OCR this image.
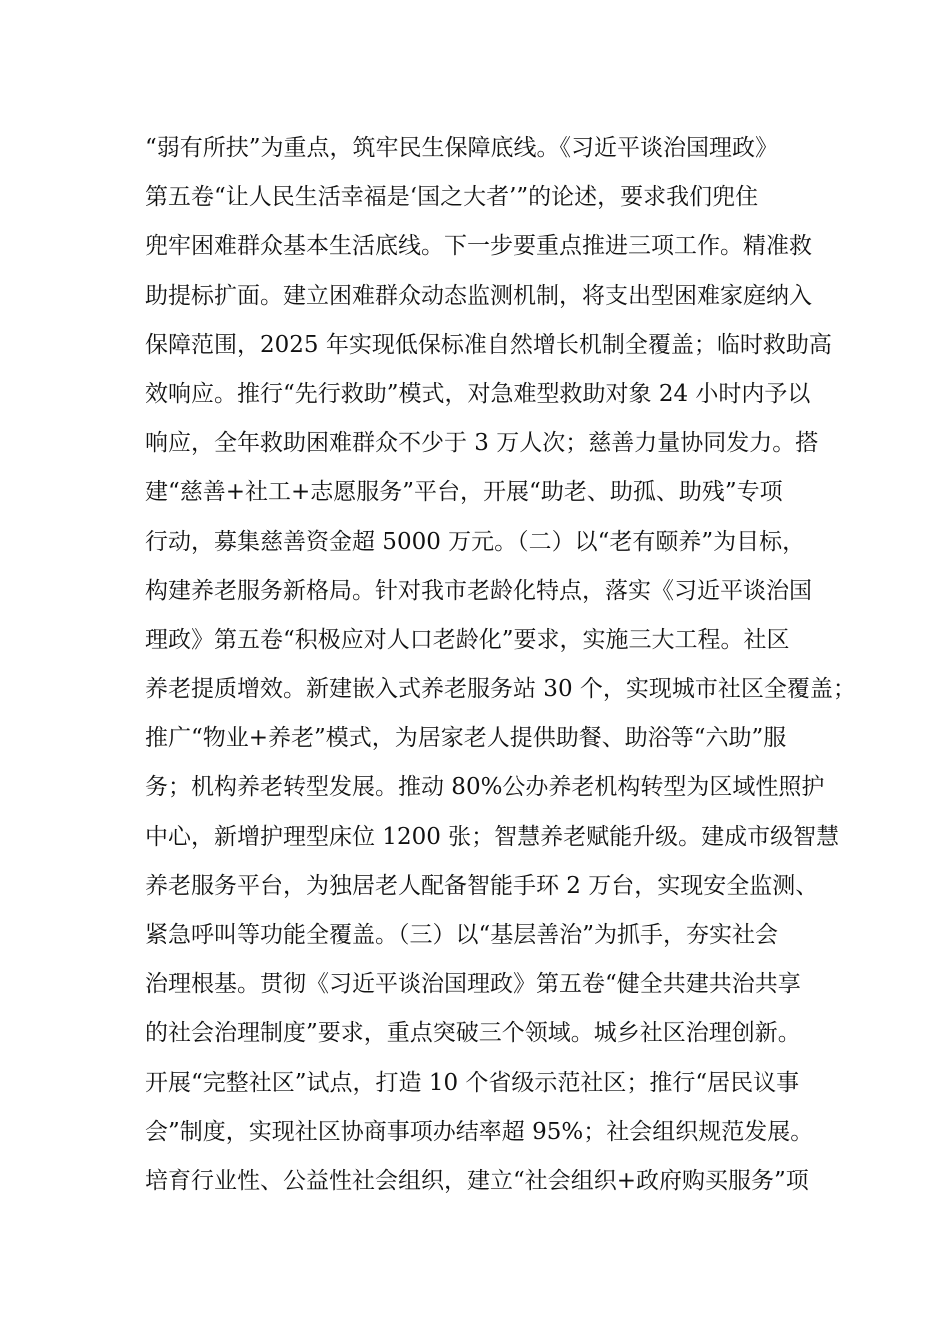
“弱有所扶”为重点，筑牢民生保障底线。《习近平谈治国理政》
第五卷“让人民生活幸福是‘国之大者’”的论述，要求我们兜住
兜牢困难群众基本生活底线。下一步要重点推进三项工作。精准救
助提标扩面。建立困难群众动态监测机制，将支出型困难家庭纳入
保障范围，2025 年实现低保标准自然增长机制全覆盖；临时救助高
效响应。推行“先行救助”模式，对急难型救助对象 24 小时内予以
响应，全年救助困难群众不少于 3 万人次；慈善力量协同发力。搭
建“慈善+社工+志愿服务”平台，开展“助老、助孤、助残”专项
行动，募集慈善资金超 5000 万元。（二）以“老有颐养”为目标，
构建养老服务新格局。针对我市老龄化特点，落实《习近平谈治国
理政》第五卷“积极应对人口老龄化”要求，实施三大工程。社区
养老提质增效。新建嵌入式养老服务站 30 个，实现城市社区全覆盖；
推广“物业+养老”模式，为居家老人提供助餐、助浴等“六助”服
务；机构养老转型发展。推动 80%公办养老机构转型为区域性照护
中心，新增护理型床位 1200 张；智慧养老赋能升级。建成市级智慧
养老服务平台，为独居老人配备智能手环 2 万台，实现安全监测、
紧急呼叫等功能全覆盖。（三）以“基层善治”为抓手，夯实社会
治理根基。贯彻《习近平谈治国理政》第五卷“健全共建共治共享
的社会治理制度”要求，重点突破三个领域。城乡社区治理创新。
开展“完整社区”试点，打造 10 个省级示范社区；推行“居民议事
会”制度，实现社区协商事项办结率超 95%；社会组织规范发展。
培育行业性、公益性社会组织，建立“社会组织+政府购买服务”项
